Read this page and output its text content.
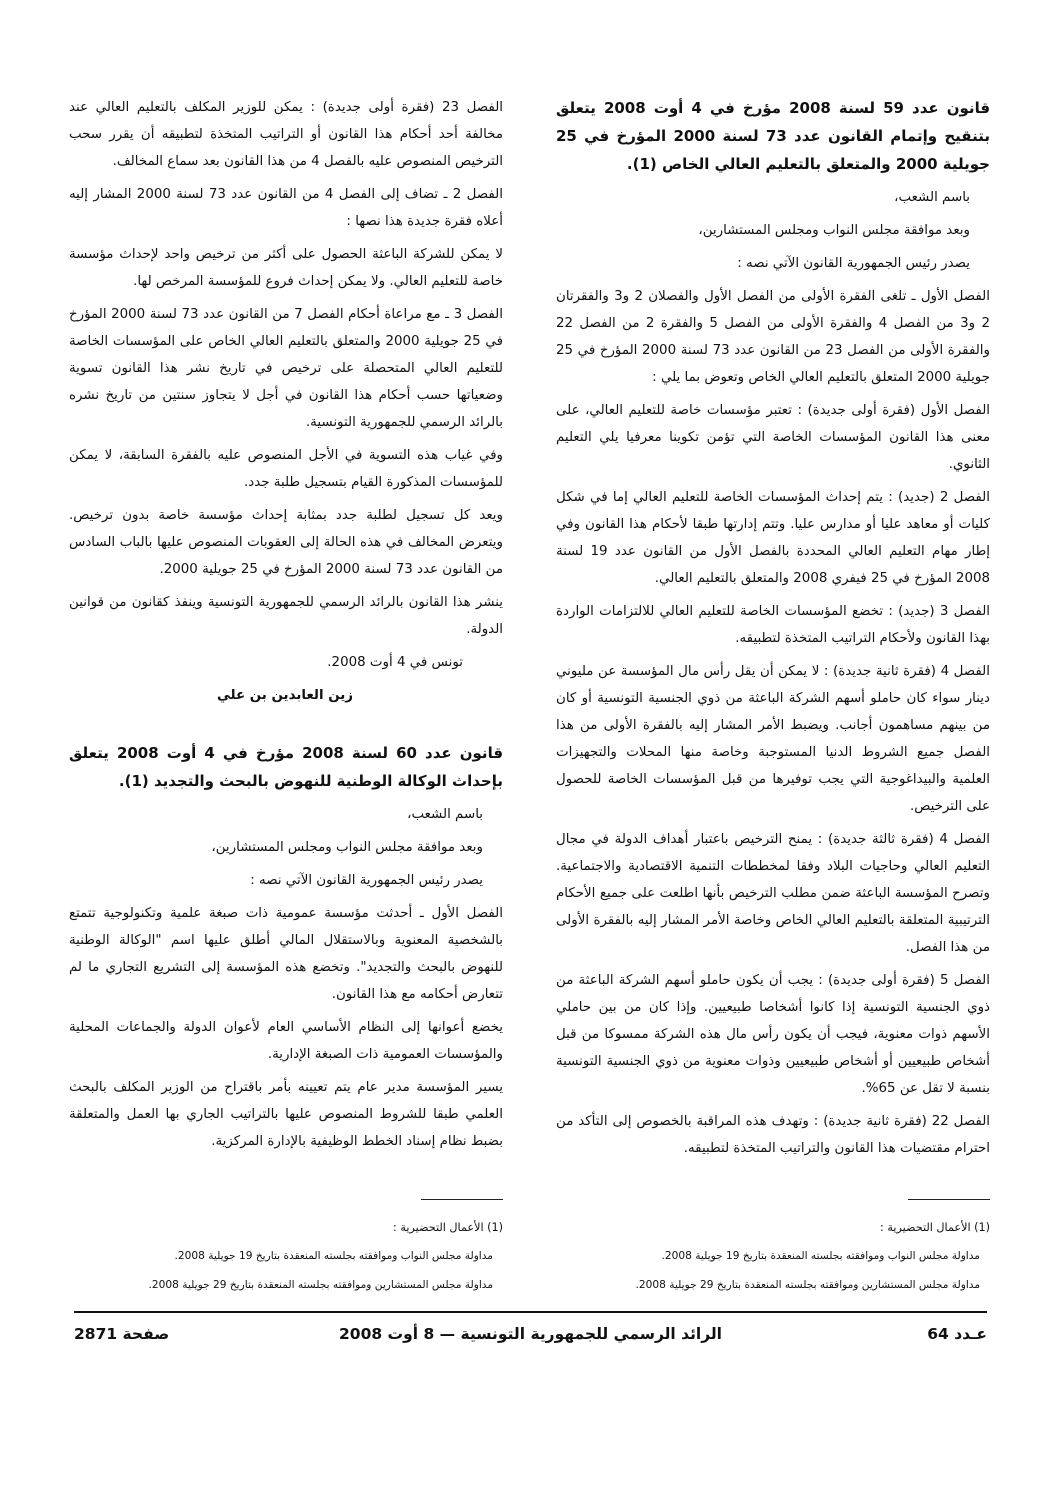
قانون عدد 59 لسنة 2008 مؤرخ في 4 أوت 2008 يتعلق بتنقيح وإتمام القانون عدد 73 لسنة 2000 المؤرخ في 25 جويلية 2000 والمتعلق بالتعليم العالي الخاص (1).

باسم الشعب،

وبعد موافقة مجلس النواب ومجلس المستشارين،

يصدر رئيس الجمهورية القانون الآتي نصه :

الفصل الأول ـ تلغى الفقرة الأولى من الفصل الأول والفصلان 2 و3 والفقرتان 2 و3 من الفصل 4 والفقرة الأولى من الفصل 5 والفقرة 2 من الفصل 22 والفقرة الأولى من الفصل 23 من القانون عدد 73 لسنة 2000 المؤرخ في 25 جويلية 2000 المتعلق بالتعليم العالي الخاص وتعوض بما يلي :

الفصل الأول (فقرة أولى جديدة) : تعتبر مؤسسات خاصة للتعليم العالي، على معنى هذا القانون المؤسسات الخاصة التي تؤمن تكوينا معرفيا يلي التعليم الثانوي.

الفصل 2 (جديد) : يتم إحداث المؤسسات الخاصة للتعليم العالي إما في شكل كليات أو معاهد عليا أو مدارس عليا. وتتم إدارتها طبقا لأحكام هذا القانون وفي إطار مهام التعليم العالي المحددة بالفصل الأول من القانون عدد 19 لسنة 2008 المؤرخ في 25 فيفري 2008 والمتعلق بالتعليم العالي.

الفصل 3 (جديد) : تخضع المؤسسات الخاصة للتعليم العالي للالتزامات الواردة بهذا القانون ولأحكام التراتيب المتخذة لتطبيقه.

الفصل 4 (فقرة ثانية جديدة) : لا يمكن أن يقل رأس مال المؤسسة عن مليوني دينار سواء كان حاملو أسهم الشركة الباعثة من ذوي الجنسية التونسية أو كان من بينهم مساهمون أجانب. ويضبط الأمر المشار إليه بالفقرة الأولى من هذا الفصل جميع الشروط الدنيا المستوجبة وخاصة منها المحلات والتجهيزات العلمية والبيداغوجية التي يجب توفيرها من قبل المؤسسات الخاصة للحصول على الترخيص.

الفصل 4 (فقرة ثالثة جديدة) : يمنح الترخيص باعتبار أهداف الدولة في مجال التعليم العالي وحاجيات البلاد وفقا لمخططات التنمية الاقتصادية والاجتماعية. وتصرح المؤسسة الباعثة ضمن مطلب الترخيص بأنها اطلعت على جميع الأحكام الترتيبية المتعلقة بالتعليم العالي الخاص وخاصة الأمر المشار إليه بالفقرة الأولى من هذا الفصل.

الفصل 5 (فقرة أولى جديدة) : يجب أن يكون حاملو أسهم الشركة الباعثة من ذوي الجنسية التونسية إذا كانوا أشخاصا طبيعيين. وإذا كان من بين حاملي الأسهم ذوات معنوية، فيجب أن يكون رأس مال هذه الشركة ممسوكا من قبل أشخاص طبيعيين أو أشخاص طبيعيين وذوات معنوية من ذوي الجنسية التونسية بنسبة لا تقل عن 65%.

الفصل 22 (فقرة ثانية جديدة) : وتهدف هذه المراقبة بالخصوص إلى التأكد من احترام مقتضيات هذا القانون والتراتيب المتخذة لتطبيقه.

الفصل 23 (فقرة أولى جديدة) : يمكن للوزير المكلف بالتعليم العالي عند مخالفة أحد أحكام هذا القانون أو التراتيب المتخذة لتطبيقه أن يقرر سحب الترخيص المنصوص عليه بالفصل 4 من هذا القانون بعد سماع المخالف.

الفصل 2 ـ تضاف إلى الفصل 4 من القانون عدد 73 لسنة 2000 المشار إليه أعلاه فقرة جديدة هذا نصها :

لا يمكن للشركة الباعثة الحصول على أكثر من ترخيص واحد لإحداث مؤسسة خاصة للتعليم العالي. ولا يمكن إحداث فروع للمؤسسة المرخص لها.

الفصل 3 ـ مع مراعاة أحكام الفصل 7 من القانون عدد 73 لسنة 2000 المؤرخ في 25 جويلية 2000 والمتعلق بالتعليم العالي الخاص على المؤسسات الخاصة للتعليم العالي المتحصلة على ترخيص في تاريخ نشر هذا القانون تسوية وضعياتها حسب أحكام هذا القانون في أجل لا يتجاوز سنتين من تاريخ نشره بالرائد الرسمي للجمهورية التونسية.

وفي غياب هذه التسوية في الأجل المنصوص عليه بالفقرة السابقة، لا يمكن للمؤسسات المذكورة القيام بتسجيل طلبة جدد.

ويعد كل تسجيل لطلبة جدد بمثابة إحداث مؤسسة خاصة بدون ترخيص. ويتعرض المخالف في هذه الحالة إلى العقوبات المنصوص عليها بالباب السادس من القانون عدد 73 لسنة 2000 المؤرخ في 25 جويلية 2000.

ينشر هذا القانون بالرائد الرسمي للجمهورية التونسية وينفذ كقانون من قوانين الدولة.

تونس في 4 أوت 2008.

زين العابدين بن علي

قانون عدد 60 لسنة 2008 مؤرخ في 4 أوت 2008 يتعلق بإحداث الوكالة الوطنية للنهوض بالبحث والتجديد (1).

باسم الشعب،

وبعد موافقة مجلس النواب ومجلس المستشارين،

يصدر رئيس الجمهورية القانون الآتي نصه :

الفصل الأول ـ أحدثت مؤسسة عمومية ذات صبغة علمية وتكنولوجية تتمتع بالشخصية المعنوية وبالاستقلال المالي أطلق عليها اسم "الوكالة الوطنية للنهوض بالبحث والتجديد". وتخضع هذه المؤسسة إلى التشريع التجاري ما لم تتعارض أحكامه مع هذا القانون.

يخضع أعوانها إلى النظام الأساسي العام لأعوان الدولة والجماعات المحلية والمؤسسات العمومية ذات الصبغة الإدارية.

يسير المؤسسة مدير عام يتم تعيينه بأمر باقتراح من الوزير المكلف بالبحث العلمي طبقا للشروط المنصوص عليها بالتراتيب الجاري بها العمل والمتعلقة بضبط نظام إسناد الخطط الوظيفية بالإدارة المركزية.

(1) الأعمال التحضيرية :
مداولة مجلس النواب وموافقته بجلسته المنعقدة بتاريخ 19 جويلية 2008.
مداولة مجلس المستشارين وموافقته بجلسته المنعقدة بتاريخ 29 جويلية 2008.
(1) الأعمال التحضيرية :
مداولة مجلس النواب وموافقته بجلسته المنعقدة بتاريخ 19 جويلية 2008.
مداولة مجلس المستشارين وموافقته بجلسته المنعقدة بتاريخ 29 جويلية 2008.
عـدد 64
الرائد الرسمي للجمهورية التونسية — 8 أوت 2008
صفحة 2871
